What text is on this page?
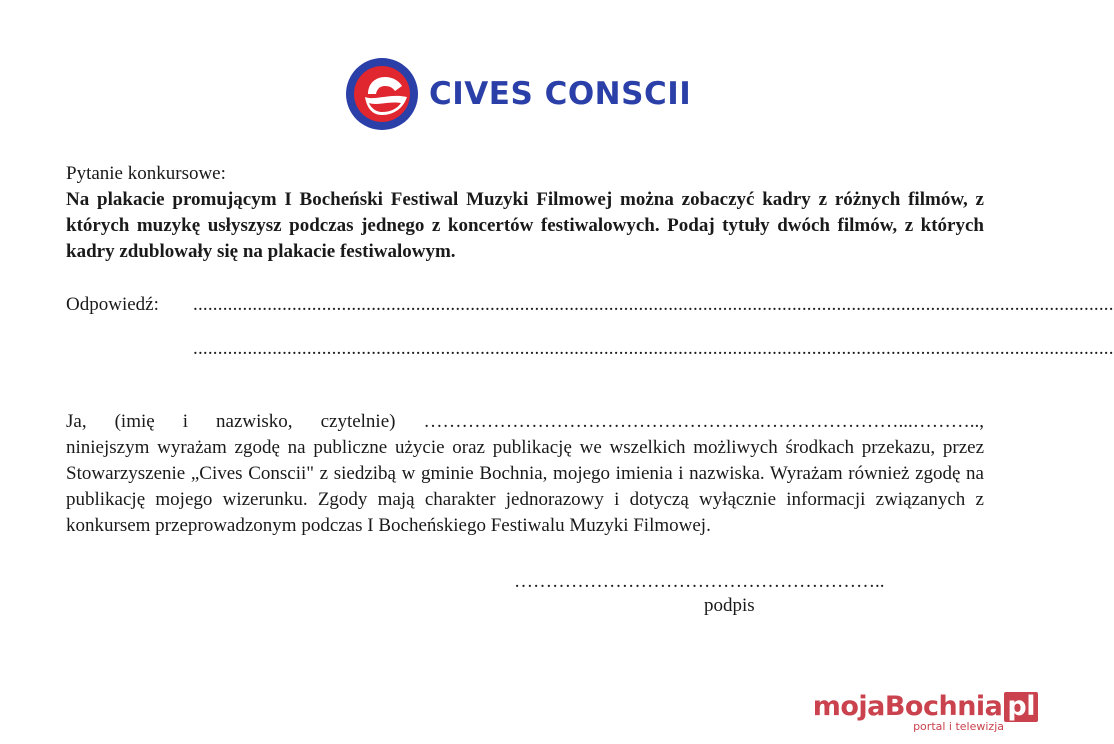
CIVES CONSCII
Pytanie konkursowe:
Na plakacie promującym I Bocheński Festiwal Muzyki Filmowej można zobaczyć kadry z różnych filmów, z których muzykę usłyszysz podczas jednego z koncertów festiwalowych. Podaj tytuły dwóch filmów, z których kadry zdublowały się na plakacie festiwalowym.
Odpowiedź: ..........................................................................................................................................................................................
..........................................................................................................................................................................................

Ja, (imię i nazwisko, czytelnie) …………………………………………………………………...………..,

niniejszym wyrażam zgodę na publiczne użycie oraz publikację we wszelkich możliwych środkach przekazu, przez Stowarzyszenie „Cives Conscii" z siedzibą w gminie Bochnia, mojego imienia i nazwiska. Wyrażam również zgodę na publikację mojego wizerunku. Zgody mają charakter jednorazowy i dotyczą wyłącznie informacji związanych z konkursem przeprowadzonym podczas I Bocheńskiego Festiwalu Muzyki Filmowej.

…………………………………………………..
podpis
mojaBochnia pl
portal i telewizja
